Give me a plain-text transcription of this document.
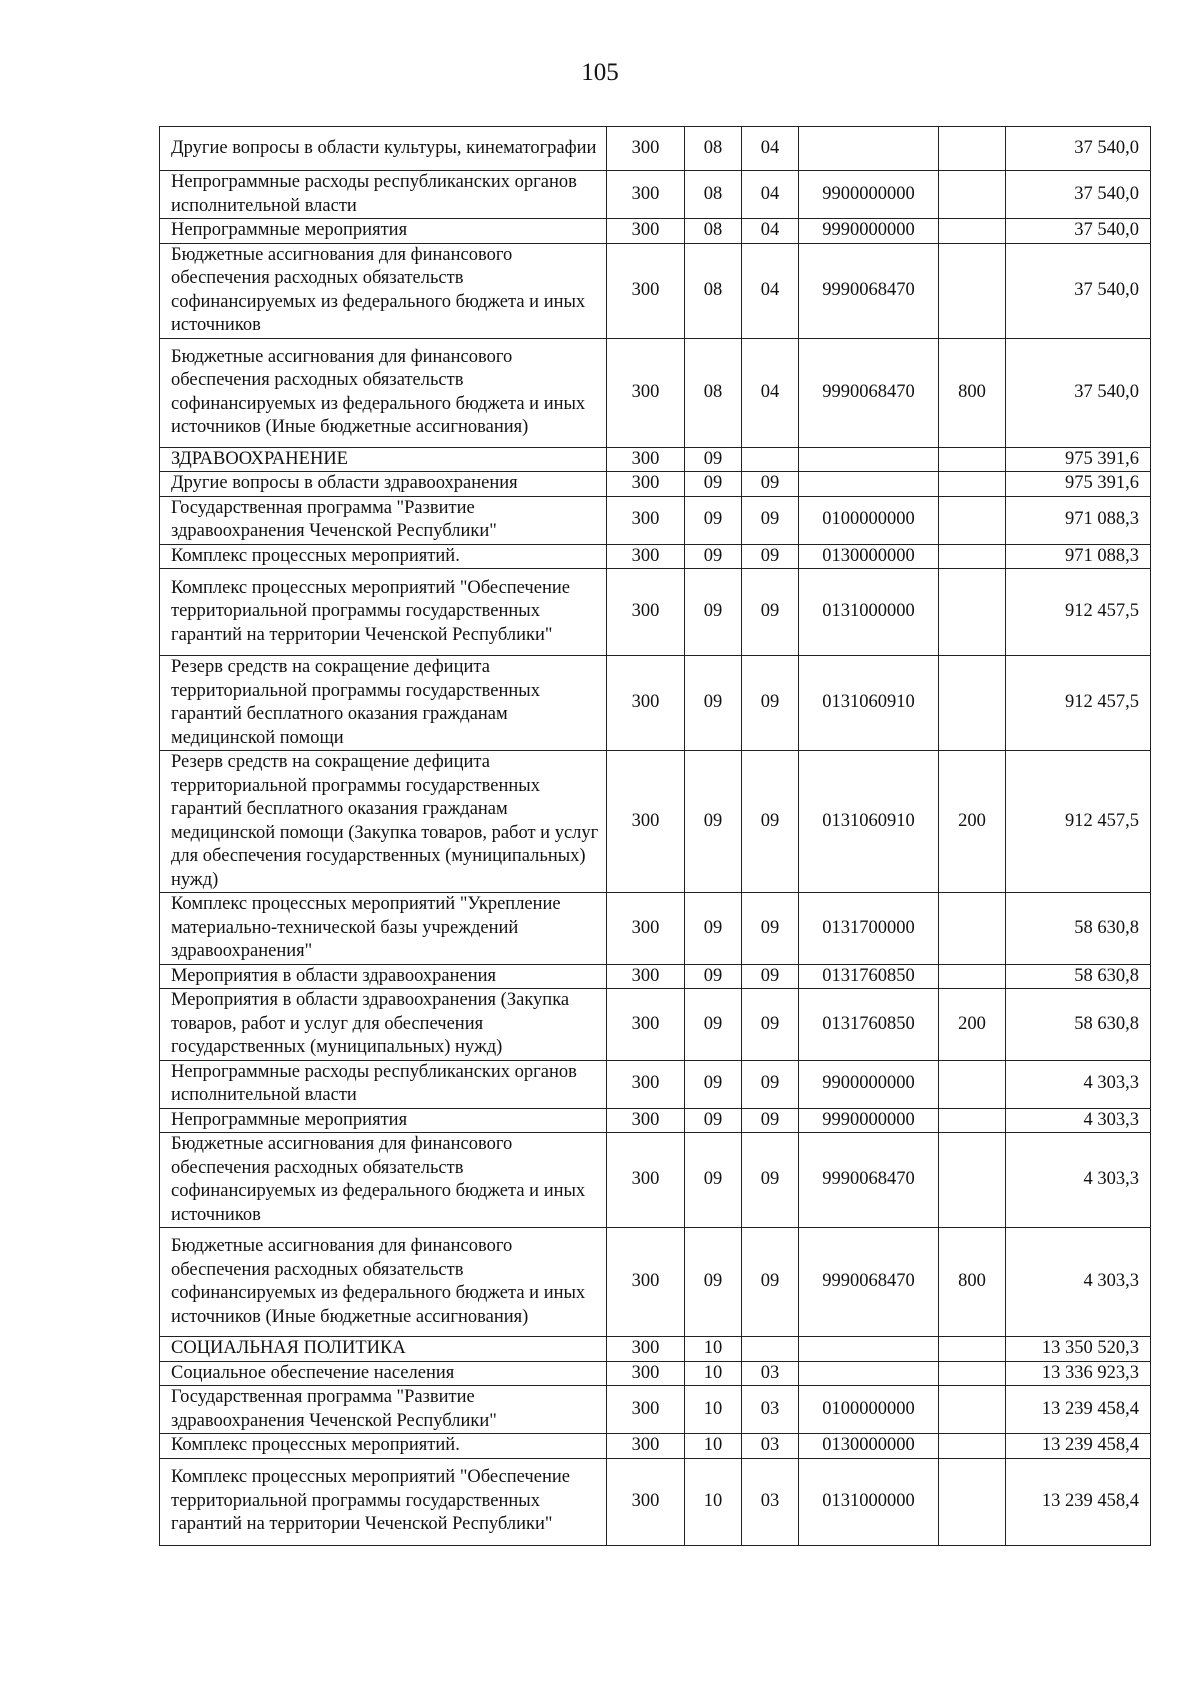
105
Другие вопросы в области культуры, кинематографии	300	08	04			37 540,0
Непрограммные расходы республиканских органов исполнительной власти	300	08	04	9900000000		37 540,0
Непрограммные мероприятия	300	08	04	9990000000		37 540,0
Бюджетные ассигнования для финансового обеспечения расходных обязательств софинансируемых из федерального бюджета и иных источников	300	08	04	9990068470		37 540,0
Бюджетные ассигнования для финансового обеспечения расходных обязательств софинансируемых из федерального бюджета и иных источников (Иные бюджетные ассигнования)	300	08	04	9990068470	800	37 540,0
ЗДРАВООХРАНЕНИЕ	300	09				975 391,6
Другие вопросы в области здравоохранения	300	09	09			975 391,6
Государственная программа "Развитие здравоохранения Чеченской Республики"	300	09	09	0100000000		971 088,3
Комплекс процессных мероприятий.	300	09	09	0130000000		971 088,3
Комплекс процессных мероприятий "Обеспечение территориальной программы государственных гарантий на территории Чеченской Республики"	300	09	09	0131000000		912 457,5
Резерв средств на сокращение дефицита территориальной программы государственных гарантий бесплатного оказания гражданам медицинской помощи	300	09	09	0131060910		912 457,5
Резерв средств на сокращение дефицита территориальной программы государственных гарантий бесплатного оказания гражданам медицинской помощи (Закупка товаров, работ и услуг для обеспечения государственных (муниципальных) нужд)	300	09	09	0131060910	200	912 457,5
Комплекс процессных мероприятий "Укрепление материально-технической базы учреждений здравоохранения"	300	09	09	0131700000		58 630,8
Мероприятия в области здравоохранения	300	09	09	0131760850		58 630,8
Мероприятия в области здравоохранения (Закупка товаров, работ и услуг для обеспечения государственных (муниципальных) нужд)	300	09	09	0131760850	200	58 630,8
Непрограммные расходы республиканских органов исполнительной власти	300	09	09	9900000000		4 303,3
Непрограммные мероприятия	300	09	09	9990000000		4 303,3
Бюджетные ассигнования для финансового обеспечения расходных обязательств софинансируемых из федерального бюджета и иных источников	300	09	09	9990068470		4 303,3
Бюджетные ассигнования для финансового обеспечения расходных обязательств софинансируемых из федерального бюджета и иных источников (Иные бюджетные ассигнования)	300	09	09	9990068470	800	4 303,3
СОЦИАЛЬНАЯ ПОЛИТИКА	300	10				13 350 520,3
Социальное обеспечение населения	300	10	03			13 336 923,3
Государственная программа "Развитие здравоохранения Чеченской Республики"	300	10	03	0100000000		13 239 458,4
Комплекс процессных мероприятий.	300	10	03	0130000000		13 239 458,4
Комплекс процессных мероприятий "Обеспечение территориальной программы государственных гарантий на территории Чеченской Республики"	300	10	03	0131000000		13 239 458,4
